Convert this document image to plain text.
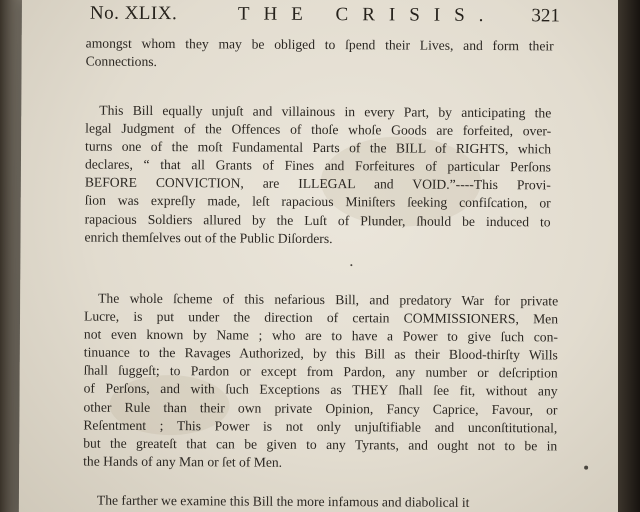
No. XLIX.	THE CRISIS. 321
amongst whom they may be obliged to ſpend their Lives, and form their
Connections.
This Bill equally unjuſt and villainous in every Part, by anticipating the
legal Judgment of the Offences of thoſe whoſe Goods are forfeited, over-
turns one of the moſt Fundamental Parts of the BILL of RIGHTS, which
declares, “ that all Grants of Fines and Forfeitures of particular Perſons
BEFORE CONVICTION, are ILLEGAL and VOID.”----This Provi-
ſion was expreſly made, leſt rapacious Miniſters ſeeking confiſcation, or
rapacious Soldiers allured by the Luſt of Plunder, ſhould be induced to
enrich themſelves out of the Public Diſorders.
The whole ſcheme of this nefarious Bill, and predatory War for private
Lucre, is put under the direction of certain COMMISSIONERS, Men
not even known by Name ; who are to have a Power to give ſuch con-
tinuance to the Ravages Authorized, by this Bill as their Blood-thirſty Wills
ſhall ſuggeſt; to Pardon or except from Pardon, any number or deſcription
of Perſons, and with ſuch Exceptions as THEY ſhall ſee fit, without any
other Rule than their own private Opinion, Fancy Caprice, Favour, or
Reſentment ; This Power is not only unjuſtifiable and unconſtitutional,
but the greateſt that can be given to any Tyrants, and ought not to be in
the Hands of any Man or ſet of Men.
The farther we examine this Bill the more infamous and diabolical it
